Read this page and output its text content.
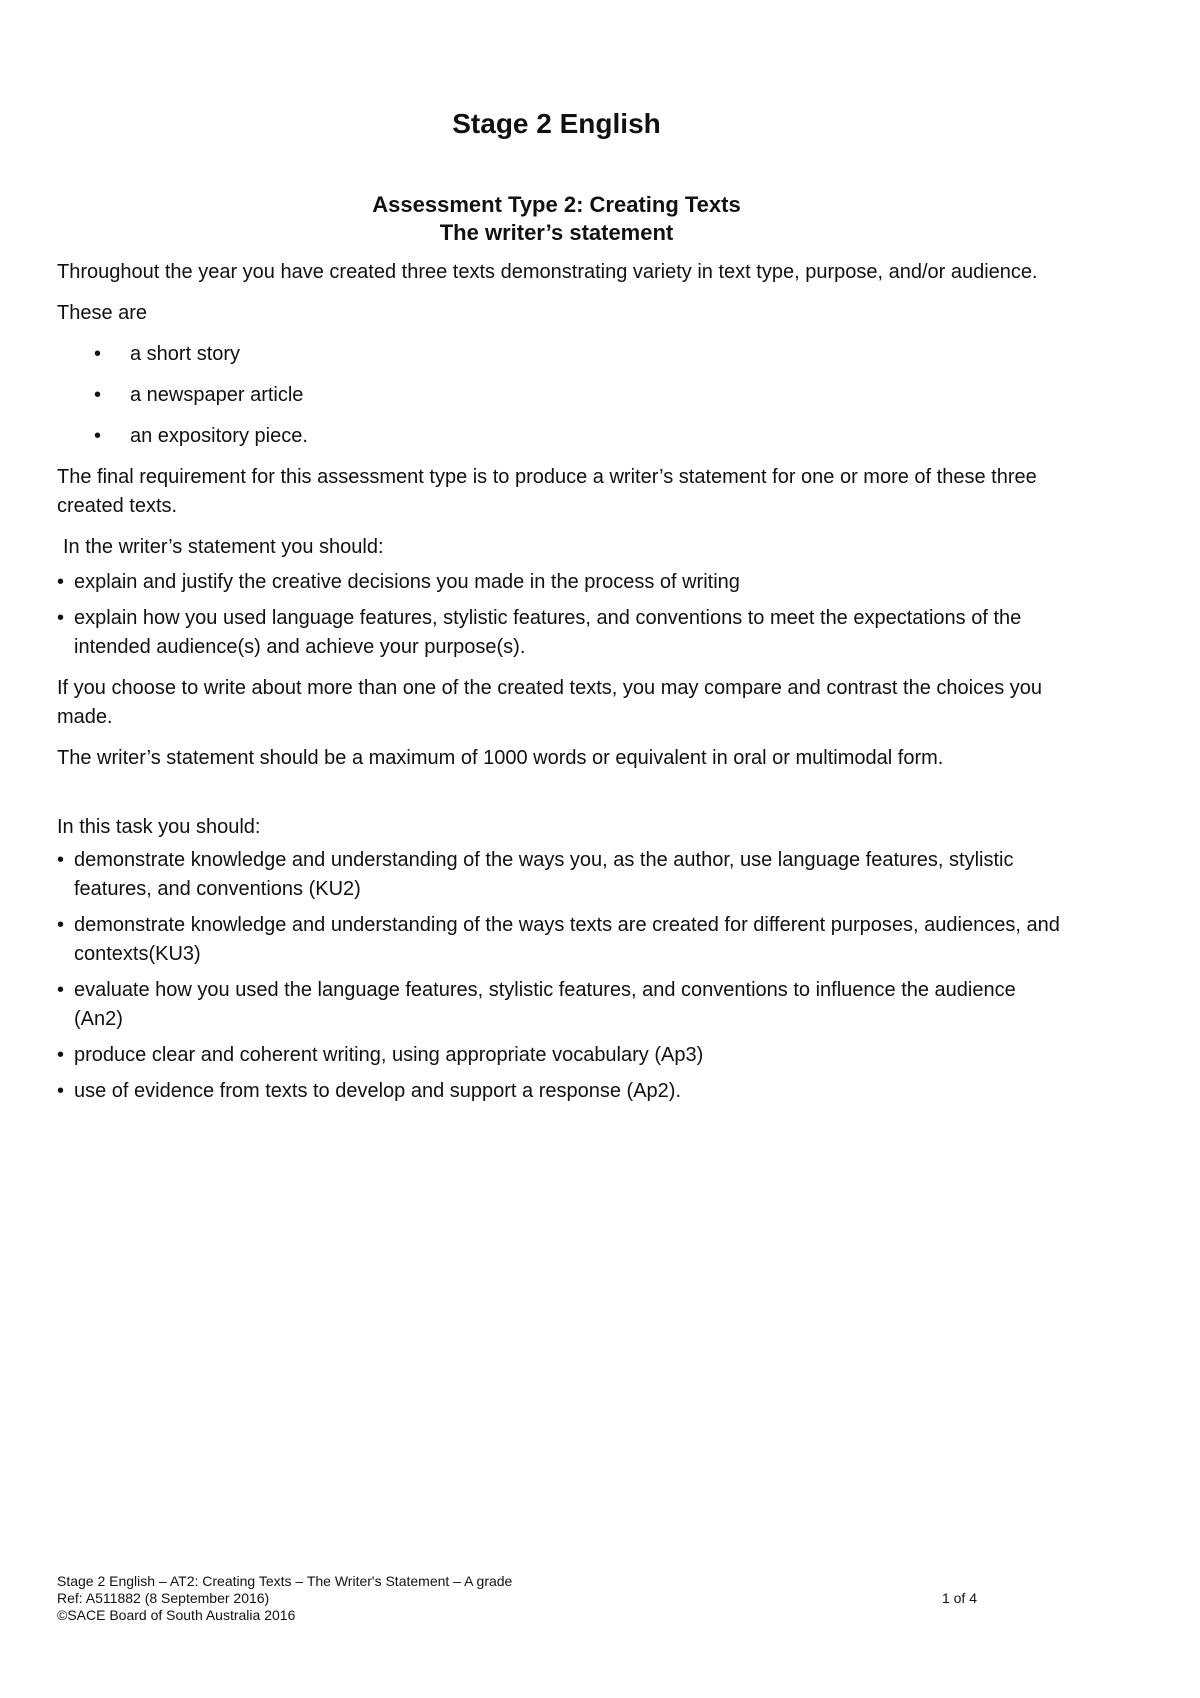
Stage 2 English
Assessment Type 2: Creating Texts
The writer’s statement

Throughout the year you have created three texts demonstrating variety in text type, purpose, and/or audience.

These are

• a short story
• a newspaper article
• an expository piece.

The final requirement for this assessment type is to produce a writer’s statement for one or more of these three created texts.

In the writer’s statement you should:

• explain and justify the creative decisions you made in the process of writing
• explain how you used language features, stylistic features, and conventions to meet the expectations of the intended audience(s) and achieve your purpose(s).

If you choose to write about more than one of the created texts, you may compare and contrast the choices you made.

The writer’s statement should be a maximum of 1000 words or equivalent in oral or multimodal form.

In this task you should:

• demonstrate knowledge and understanding of the ways you, as the author, use language features, stylistic features, and conventions (KU2)
• demonstrate knowledge and understanding of the ways texts are created for different purposes, audiences, and contexts(KU3)
• evaluate how you used the language features, stylistic features, and conventions to influence the audience (An2)
• produce clear and coherent writing, using appropriate vocabulary (Ap3)
• use of evidence from texts to develop and support a response (Ap2).
Stage 2 English – AT2: Creating Texts – The Writer's Statement – A grade
Ref: A511882 (8 September 2016)	1 of 4
©SACE Board of South Australia 2016
